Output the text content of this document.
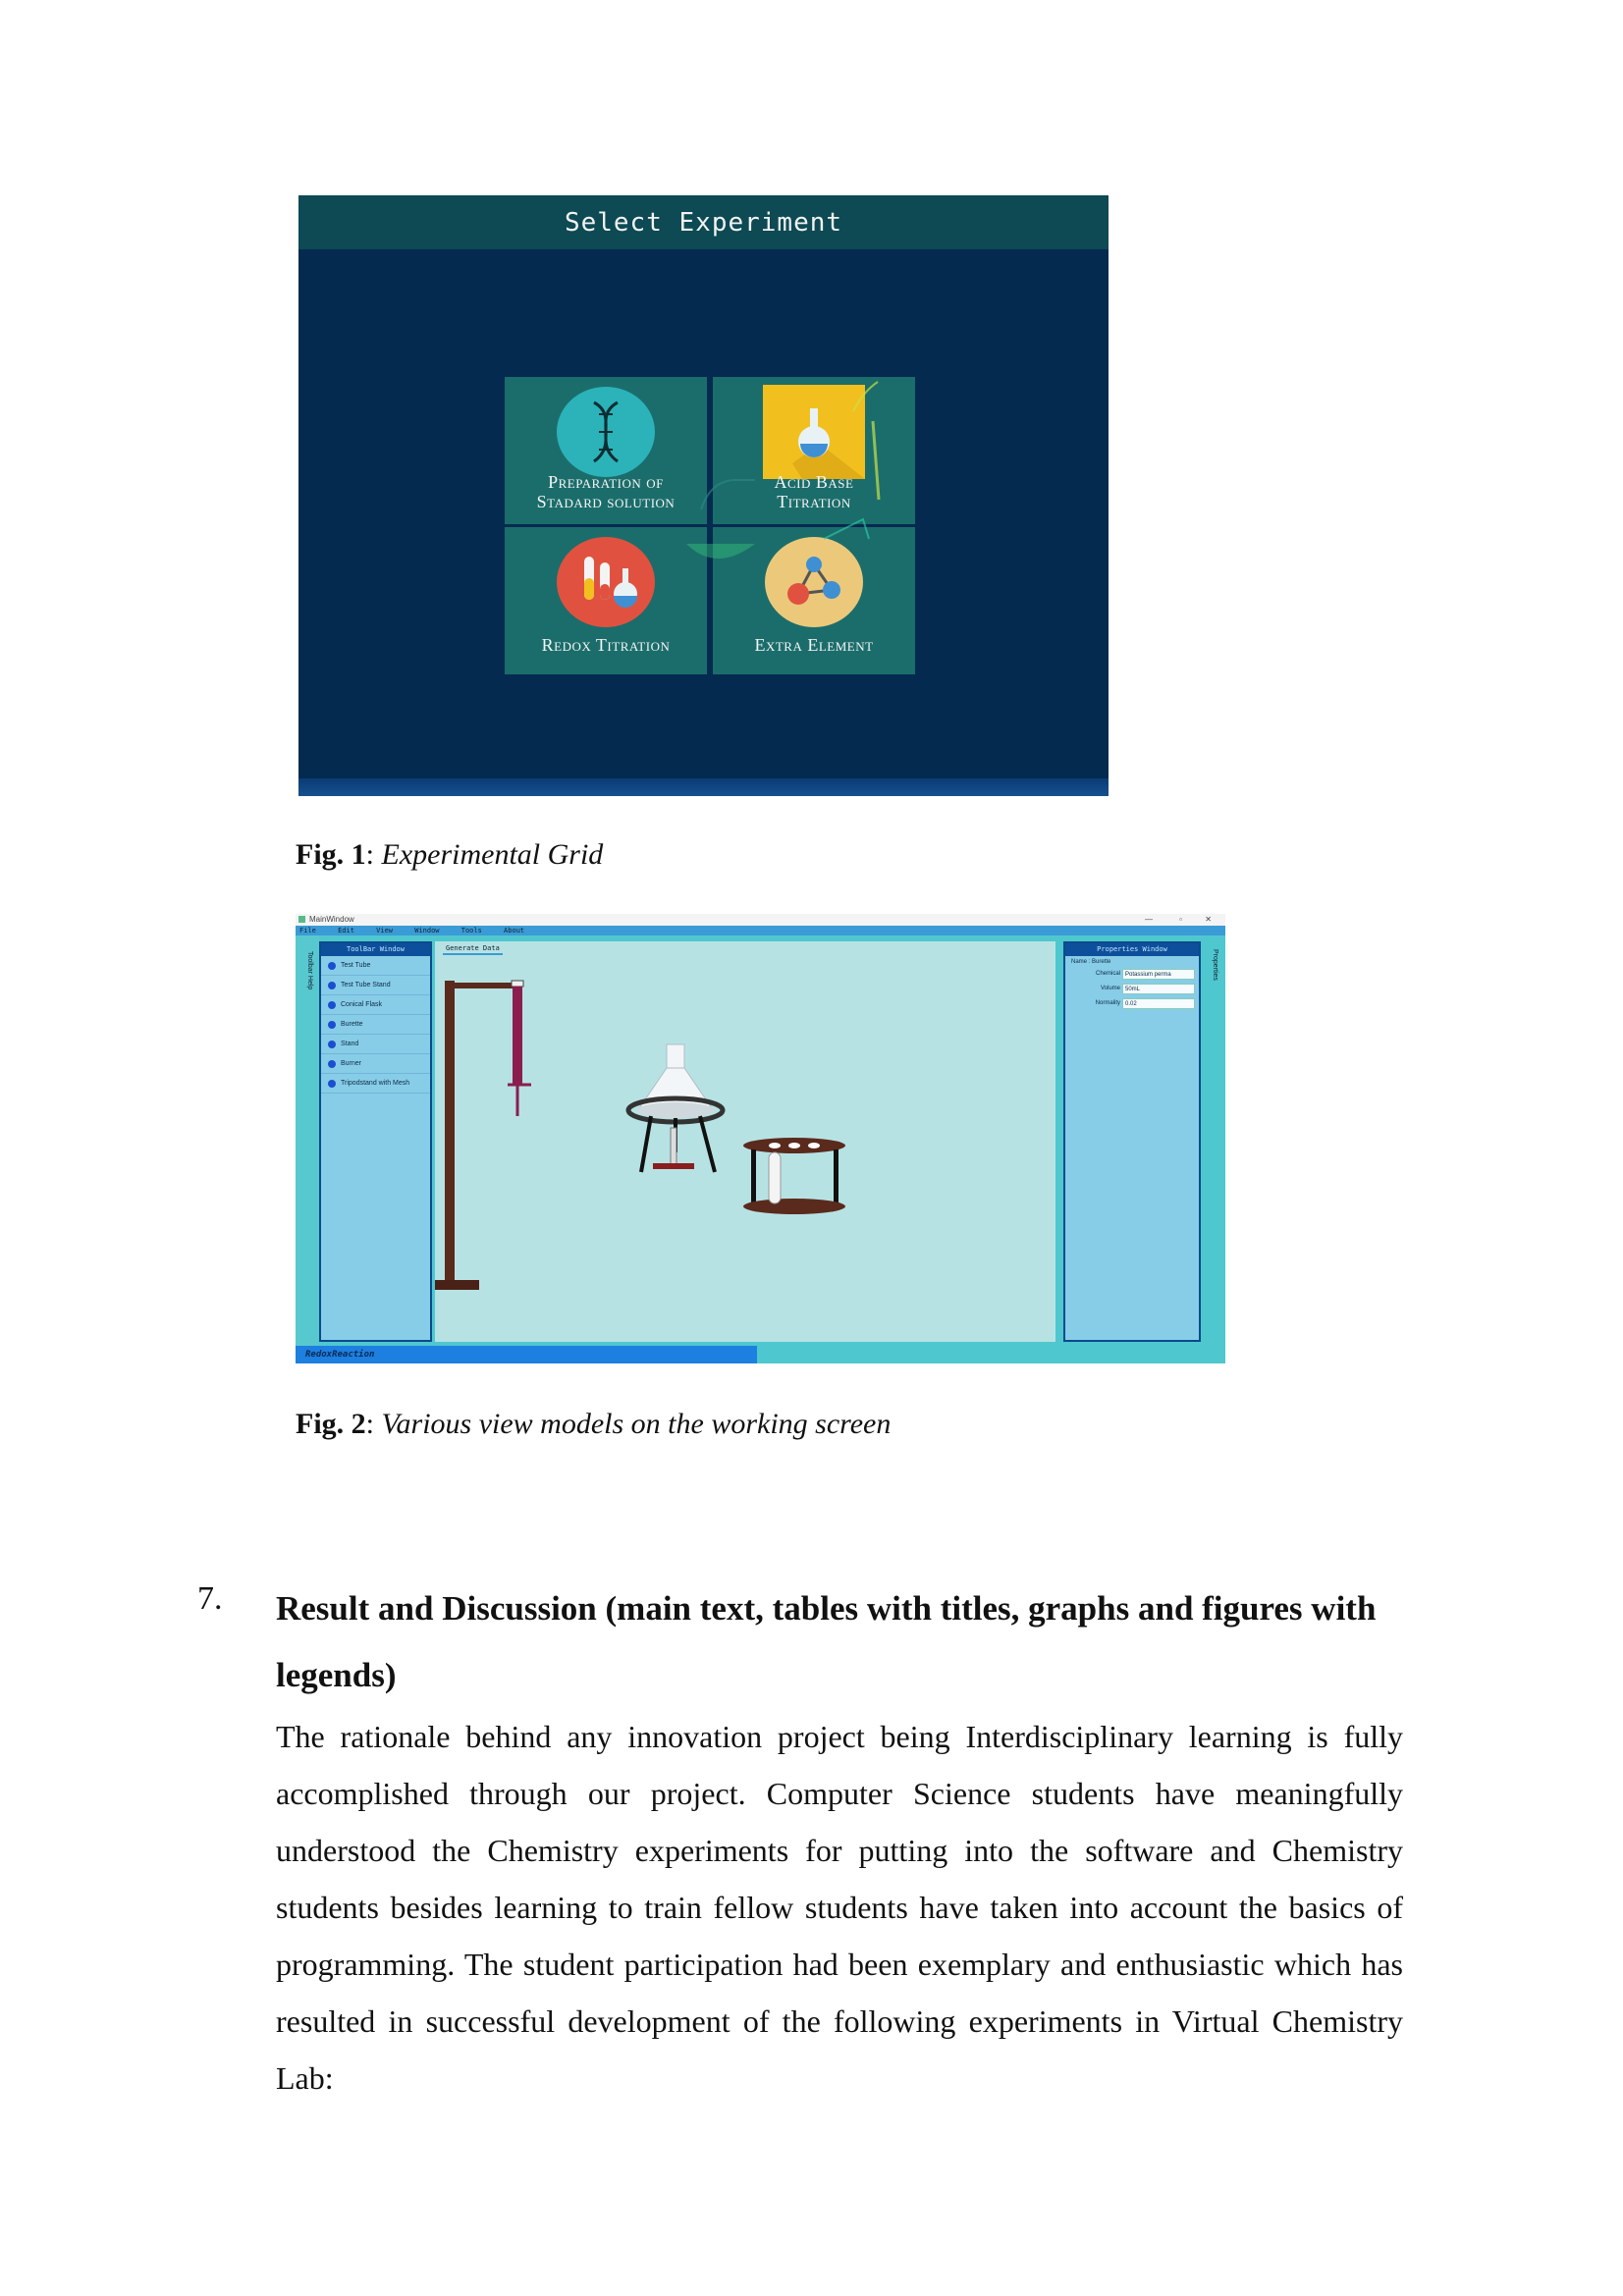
Select Experiment
Preparation of
Stadard solution
Acid Base
Titration
Redox Titration	Extra Element
Fig. 1: Experimental Grid
MainWindow	—	▫	✕
File	Edit	View	Window	Tools	About
Toolbar Help
ToolBar Window
Test Tube
Test Tube Stand
Conical Flask
Burette
Stand
Burner
Tripodstand with Mesh
Generate Data	Properties Window
Name : Burette
Chemical Potassium perma
Volume 50mL
Normality 0.02
Properties
RedoxReaction
Fig. 2: Various view models on the working screen
7. Result and Discussion (main text, tables with titles, graphs and figures with legends)
The rationale behind any innovation project being Interdisciplinary learning is fully accomplished through our project. Computer Science students have meaningfully understood the Chemistry experiments for putting into the software and Chemistry students besides learning to train fellow students have taken into account the basics of programming. The student participation had been exemplary and enthusiastic which has resulted in successful development of the following experiments in Virtual Chemistry Lab:
